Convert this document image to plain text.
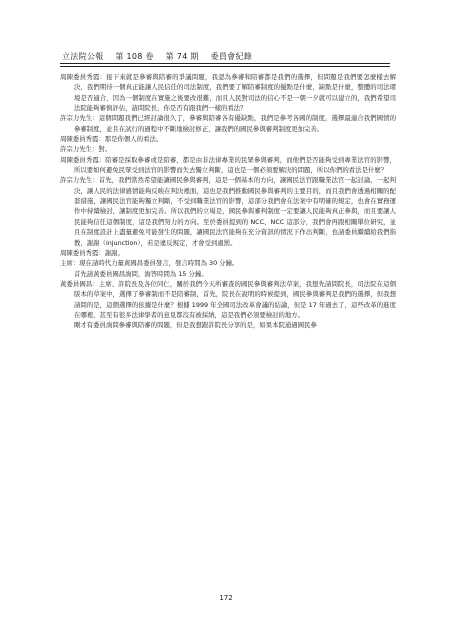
立法院公報 第 108 卷 第 74 期 委員會紀錄

周陳委員秀霞：接下來就是參審與陪審的爭議問題，我認為參審和陪審都是我們的選擇，但問題是我們要怎麼樣去解決，我們期待一個真正能讓人民信任的司法制度，我們要了解陪審制度的優點是什麼，缺點是什麼，整體的司法環境是否適合，因為一個制度在實施之後要改很難，而且人民對司法的信心不是一朝一夕就可以建立的，我們希望司法院能夠審慎評估，請問院長，你是否有跟我們一樣的看法？

許宗力先生：這個問題我們已經討論很久了，參審與陪審各有優缺點，我們是參考各國的制度，選擇最適合我們國情的參審制度，並且在試行的過程中不斷地檢討修正，讓我們的國民參與審判制度更加完善。

周陳委員秀霞：那是你個人的看法。

許宗力先生：對。

周陳委員秀霞：陪審是採取參審或是陪審，都是由非法律專業的民眾參與審判，而他們是否能夠受到專業法官的影響，所以要如何避免民眾受到法官的影響而失去獨立判斷，這也是一個必須要解決的問題，所以你們的看法是什麼？

許宗力先生：首先，我們當然希望能讓國民參與審判，這是一個基本的方向，讓國民法官跟職業法官一起討論、一起判決，讓人民的法律感情能夠反映在判決裡面，這也是我們推動國民參與審判的主要目的，而且我們會透過相關的配套措施，讓國民法官能夠獨立判斷，不受到職業法官的影響，這部分我們會在法案中有明確的規定，也會在實務運作中持續檢討，讓制度更加完善。所以我們的立場是，國民參與審判制度一定要讓人民能夠真正參與，而且要讓人民能夠信任這個制度，這是我們努力的方向。至於委員提到的 NCC、NCC 這部分，我們會再跟相關單位研究，並且在制度設計上盡量避免可能發生的問題，讓國民法官能夠在充分資訊的情況下作出判斷，也請委員繼續給我們指教，謝謝（injunction），若是違反規定，才會受到處罰。

周陳委員秀霞：謝謝。

主席：現在請時代力量黃國昌委員發言，發言時間為 30 分鐘。

首先請黃委員國昌詢問，詢答時間為 15 分鐘。

黃委員國昌：主席、許院長及各位同仁，關於我們今天所審查的國民參與審判法草案，我想先請問院長，司法院在這個版本的草案中，選擇了參審制而不是陪審制，首先，院長在說明的時候提到，國民參與審判是我們的選擇，但我想請問的是，這個選擇的依據是什麼？根據 1999 年全國司法改革會議的結論，但是 17 年過去了，這些改革的進度在哪裡，甚至有很多法律學者的意見都沒有被採納，這是我們必須要檢討的地方。

剛才有委員詢問參審與陪審的問題，但是我想跟許院長分享的是，如果本院通過國民參

172
